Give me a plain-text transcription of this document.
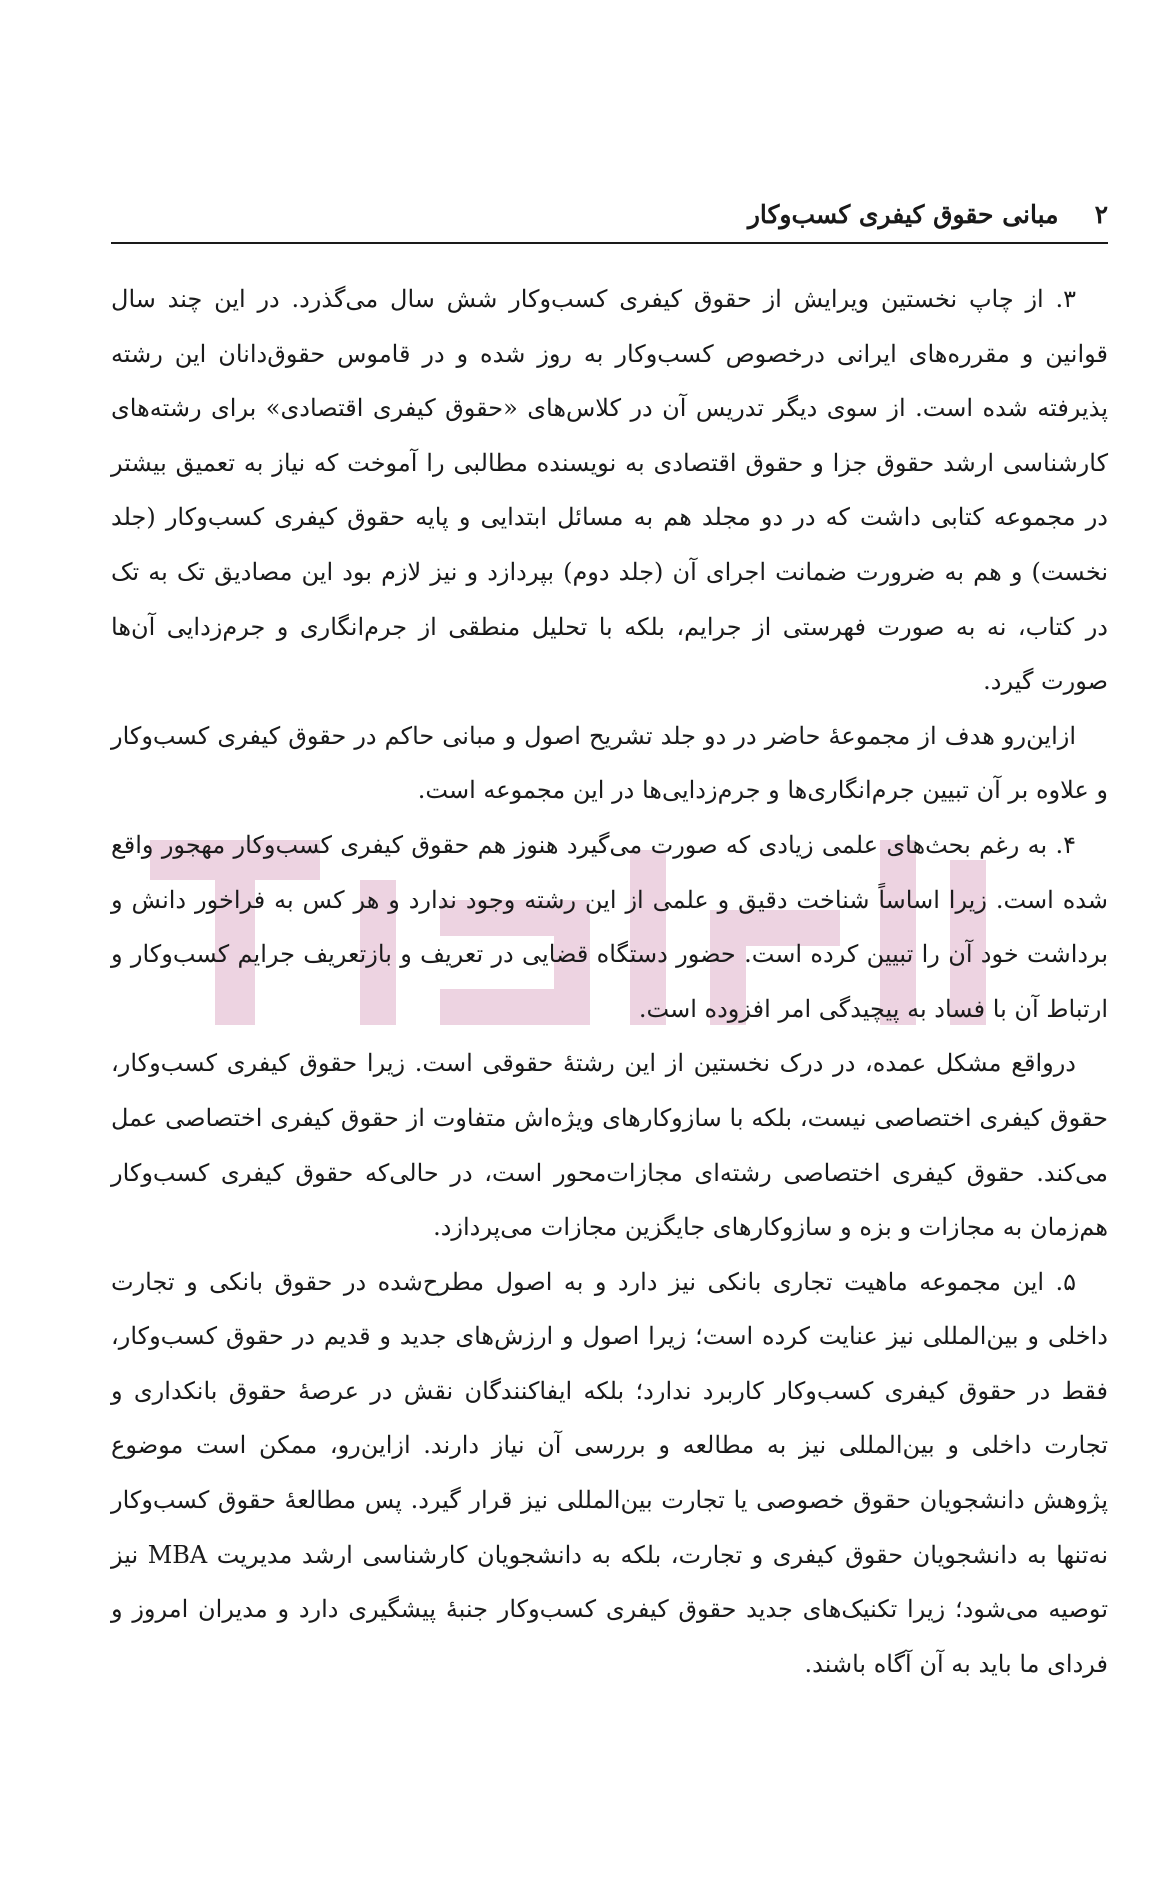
۲
مبانی حقوق کیفری کسب‌وکار

۳. از چاپ نخستین ویرایش از حقوق کیفری کسب‌وکار شش سال می‌گذرد. در این چند سال قوانین و مقرره‌های ایرانی درخصوص کسب‌وکار به روز شده و در قاموس حقوق‌دانان این رشته پذیرفته شده است. از سوی دیگر تدریس آن در کلاس‌های «حقوق کیفری اقتصادی» برای رشته‌های کارشناسی ارشد حقوق جزا و حقوق اقتصادی به نویسنده مطالبی را آموخت که نیاز به تعمیق بیشتر در مجموعه کتابی داشت که در دو مجلد هم به مسائل ابتدایی و پایه حقوق کیفری کسب‌وکار (جلد نخست) و هم به ضرورت ضمانت اجرای آن (جلد دوم) بپردازد و نیز لازم بود این مصادیق تک به تک در کتاب، نه به صورت فهرستی از جرایم، بلکه با تحلیل منطقی از جرم‌انگاری و جرم‌زدایی آن‌ها صورت گیرد.

ازاین‌رو هدف از مجموعهٔ حاضر در دو جلد تشریح اصول و مبانی حاکم در حقوق کیفری کسب‌وکار و علاوه بر آن تبیین جرم‌انگاری‌ها و جرم‌زدایی‌ها در این مجموعه است.

۴. به رغم بحث‌های علمی زیادی که صورت می‌گیرد هنوز هم حقوق کیفری کسب‌وکار مهجور واقع شده است. زیرا اساساً شناخت دقیق و علمی از این رشته وجود ندارد و هر کس به فراخور دانش و برداشت خود آن را تبیین کرده است. حضور دستگاه قضایی در تعریف و بازتعریف جرایم کسب‌وکار و ارتباط آن با فساد به پیچیدگی امر افزوده است.

درواقع مشکل عمده، در درک نخستین از این رشتهٔ حقوقی است. زیرا حقوق کیفری کسب‌وکار، حقوق کیفری اختصاصی نیست، بلکه با سازوکارهای ویژه‌اش متفاوت از حقوق کیفری اختصاصی عمل می‌کند. حقوق کیفری اختصاصی رشته‌ای مجازات‌محور است، در حالی‌که حقوق کیفری کسب‌وکار هم‌زمان به مجازات و بزه و سازوکارهای جایگزین مجازات می‌پردازد.

۵. این مجموعه ماهیت تجاری بانکی نیز دارد و به اصول مطرح‌شده در حقوق بانکی و تجارت داخلی و بین‌المللی نیز عنایت کرده است؛ زیرا اصول و ارزش‌های جدید و قدیم در حقوق کسب‌وکار، فقط در حقوق کیفری کسب‌وکار کاربرد ندارد؛ بلکه ایفاکنندگان نقش در عرصهٔ حقوق بانکداری و تجارت داخلی و بین‌المللی نیز به مطالعه و بررسی آن نیاز دارند. ازاین‌رو، ممکن است موضوع پژوهش دانشجویان حقوق خصوصی یا تجارت بین‌المللی نیز قرار گیرد. پس مطالعهٔ حقوق کسب‌وکار نه‌تنها به دانشجویان حقوق کیفری و تجارت، بلکه به دانشجویان کارشناسی ارشد مدیریت MBA نیز توصیه می‌شود؛ زیرا تکنیک‌های جدید حقوق کیفری کسب‌وکار جنبهٔ پیشگیری دارد و مدیران امروز و فردای ما باید به آن آگاه باشند.
